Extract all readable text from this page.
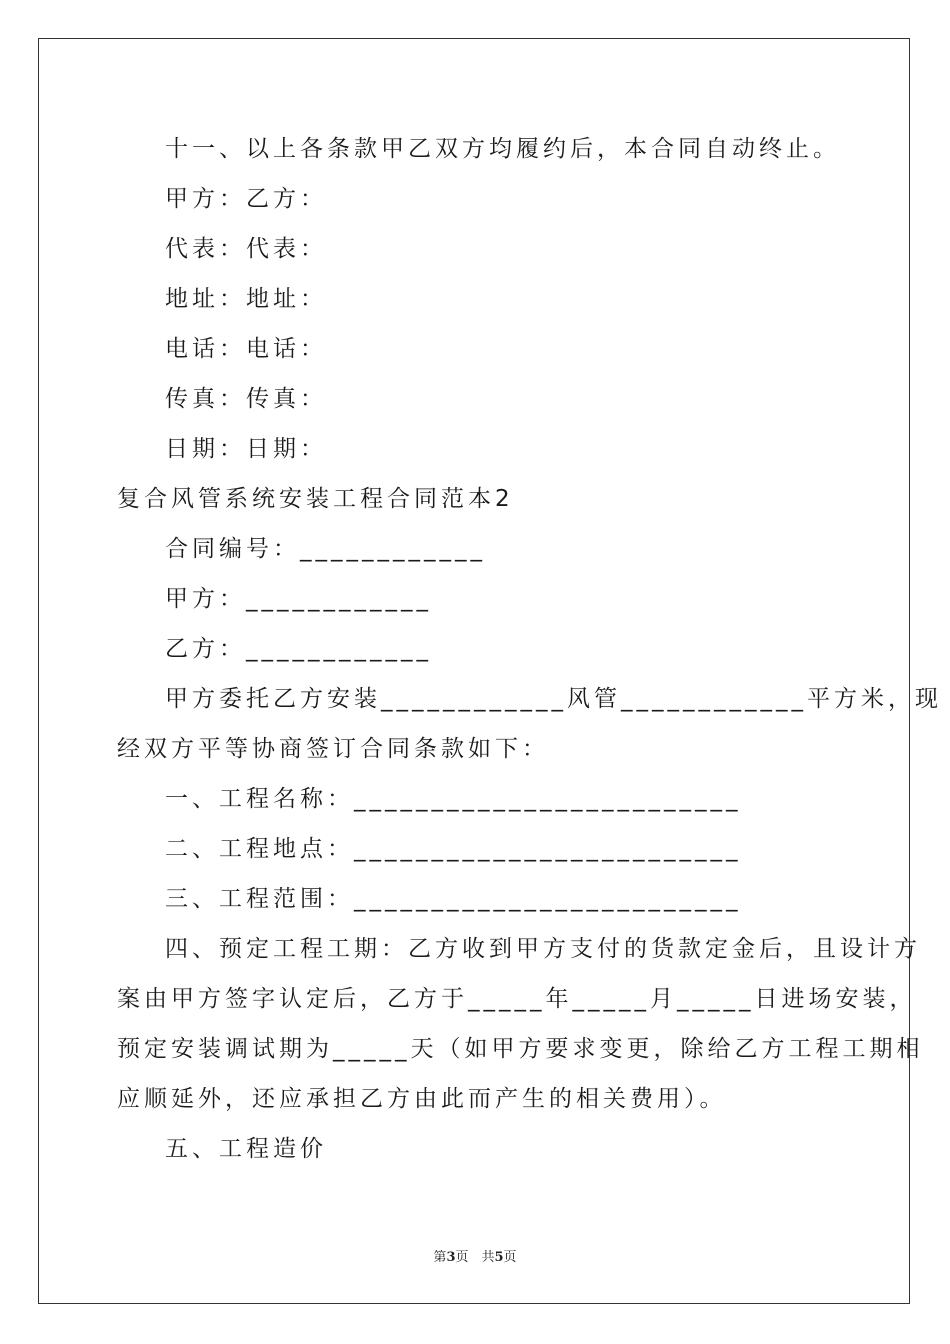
十一、以上各条款甲乙双方均履约后，本合同自动终止。
甲方：乙方：
代表：代表：
地址：地址：
电话：电话：
传真：传真：
日期：日期：
复合风管系统安装工程合同范本2
合同编号：____________
甲方：____________
乙方：____________
甲方委托乙方安装____________风管____________平方米，现
经双方平等协商签订合同条款如下：
一、工程名称：_________________________
二、工程地点：_________________________
三、工程范围：_________________________
四、预定工程工期：乙方收到甲方支付的货款定金后，且设计方
案由甲方签字认定后，乙方于_____年_____月_____日进场安装，
预定安装调试期为_____天（如甲方要求变更，除给乙方工程工期相
应顺延外，还应承担乙方由此而产生的相关费用）。
五、工程造价
第3页　共5页
